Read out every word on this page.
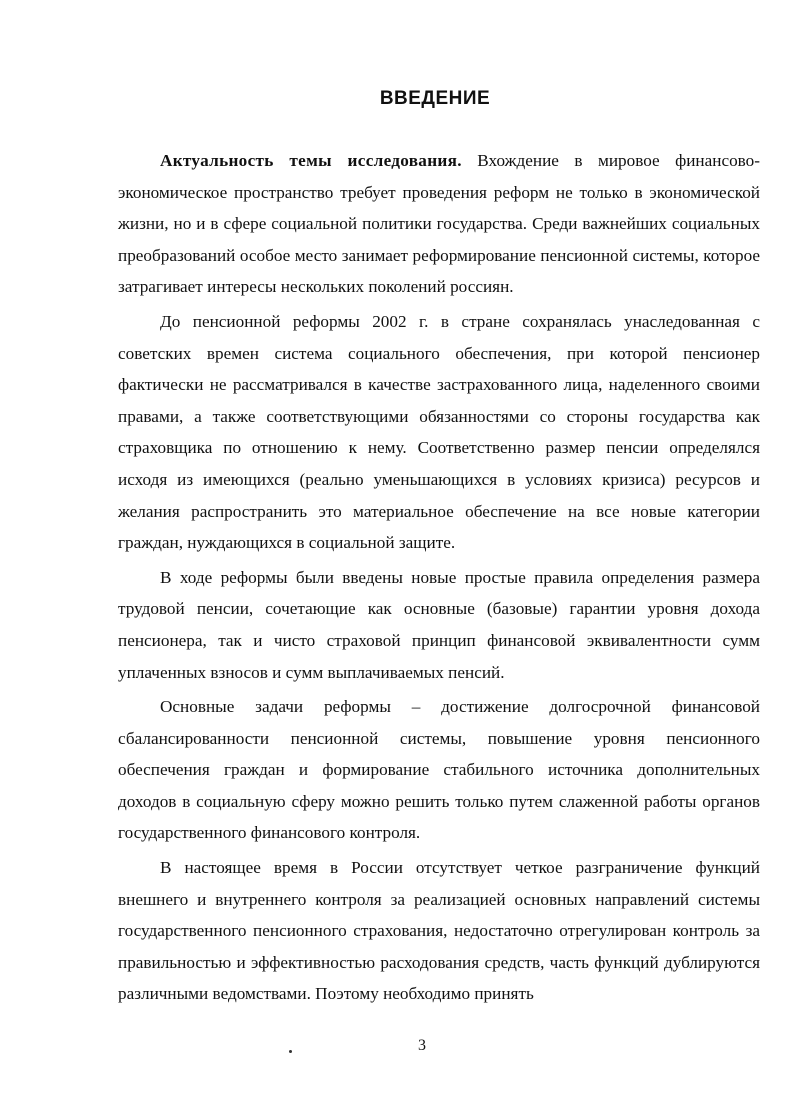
ВВЕДЕНИЕ

Актуальность темы исследования. Вхождение в мировое финансово-экономическое пространство требует проведения реформ не только в экономической жизни, но и в сфере социальной политики государства. Среди важнейших социальных преобразований особое место занимает реформирование пенсионной системы, которое затрагивает интересы нескольких поколений россиян.

До пенсионной реформы 2002 г. в стране сохранялась унаследованная с советских времен система социального обеспечения, при которой пенсионер фактически не рассматривался в качестве застрахованного лица, наделенного своими правами, а также соответствующими обязанностями со стороны государства как страховщика по отношению к нему. Соответственно размер пенсии определялся исходя из имеющихся (реально уменьшающихся в условиях кризиса) ресурсов и желания распространить это материальное обеспечение на все новые категории граждан, нуждающихся в социальной защите.

В ходе реформы были введены новые простые правила определения размера трудовой пенсии, сочетающие как основные (базовые) гарантии уровня дохода пенсионера, так и чисто страховой принцип финансовой эквивалентности сумм уплаченных взносов и сумм выплачиваемых пенсий.

Основные задачи реформы – достижение долгосрочной финансовой сбалансированности пенсионной системы, повышение уровня пенсионного обеспечения граждан и формирование стабильного источника дополнительных доходов в социальную сферу можно решить только путем слаженной работы органов государственного финансового контроля.

В настоящее время в России отсутствует четкое разграничение функций внешнего и внутреннего контроля за реализацией основных направлений системы государственного пенсионного страхования, недостаточно отрегулирован контроль за правильностью и эффективностью расходования средств, часть функций дублируются различными ведомствами. Поэтому необходимо принять

3
